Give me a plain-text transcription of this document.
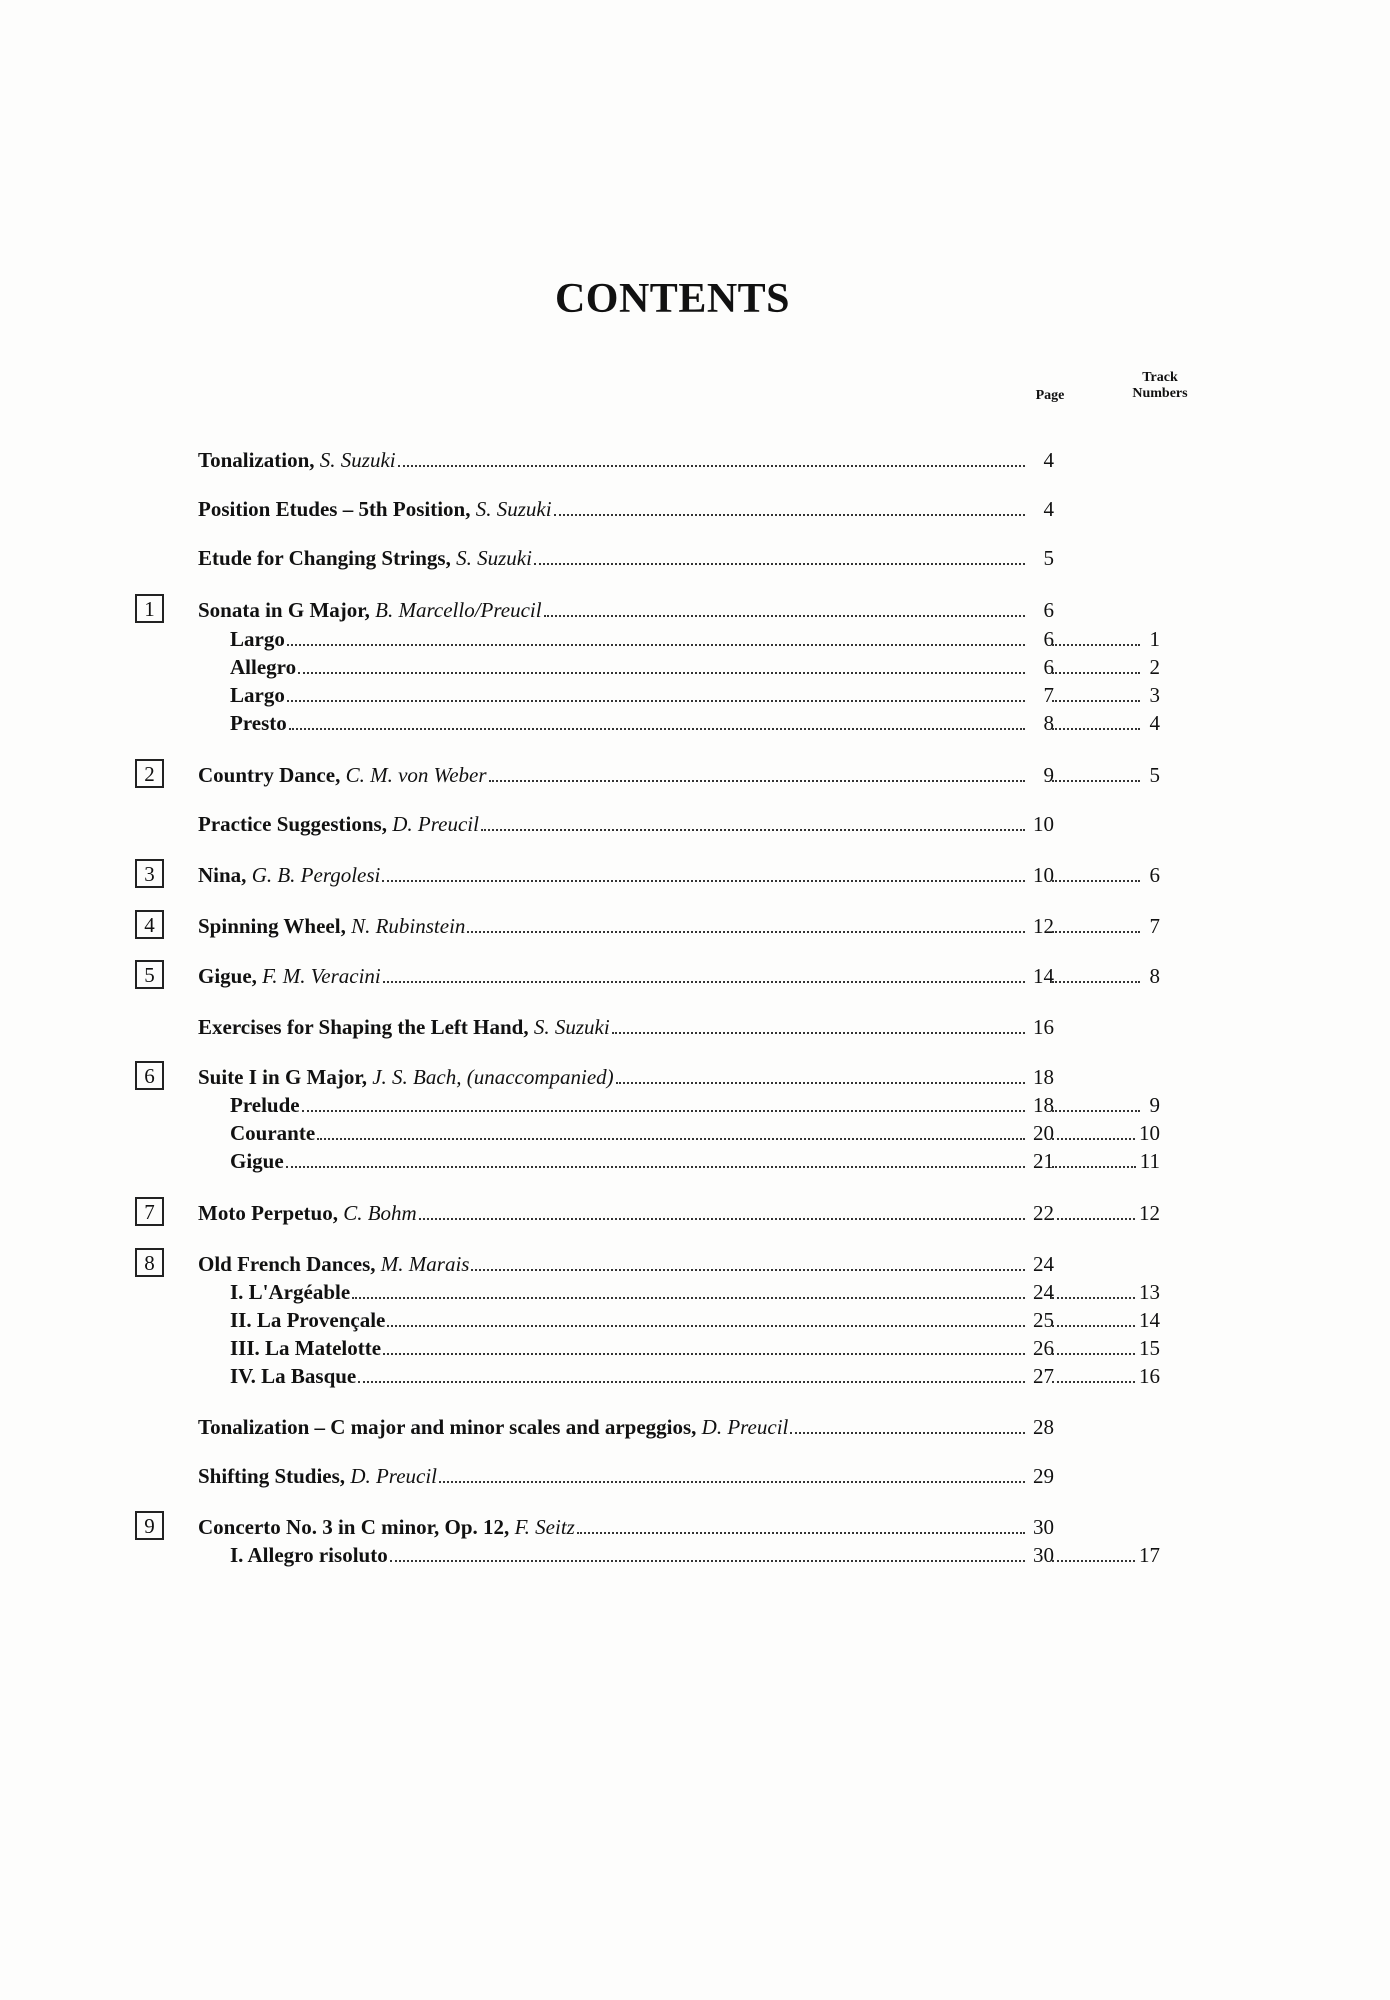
CONTENTS
Page
Track
Numbers
Tonalization,
S. Suzuki	4
Position Etudes – 5th Position,
S. Suzuki	4
Etude for Changing Strings,
S. Suzuki	5
1	Sonata in G Major,
B. Marcello/Preucil	6
Largo	6	1
Allegro	6	2
Largo	7	3
Presto	8	4
2	Country Dance,
C. M. von Weber	9	5
Practice Suggestions,
D. Preucil	10
3	Nina,
G. B. Pergolesi	10	6
4	Spinning Wheel,
N. Rubinstein	12	7
5	Gigue,
F. M. Veracini	14	8
Exercises for Shaping the Left Hand,
S. Suzuki	16
6	Suite I in G Major,
J. S. Bach, (unaccompanied)	18
Prelude	18	9
Courante	20	10
Gigue	21	11
7	Moto Perpetuo,
C. Bohm	22	12
8	Old French Dances,
M. Marais	24
I. L'Argéable	24	13
II. La Provençale	25	14
III. La Matelotte	26	15
IV. La Basque	27	16
Tonalization – C major and minor scales and arpeggios,
D. Preucil	28
Shifting Studies,
D. Preucil	29
9	Concerto No. 3 in C minor, Op. 12,
F. Seitz	30
I. Allegro risoluto	30	17
